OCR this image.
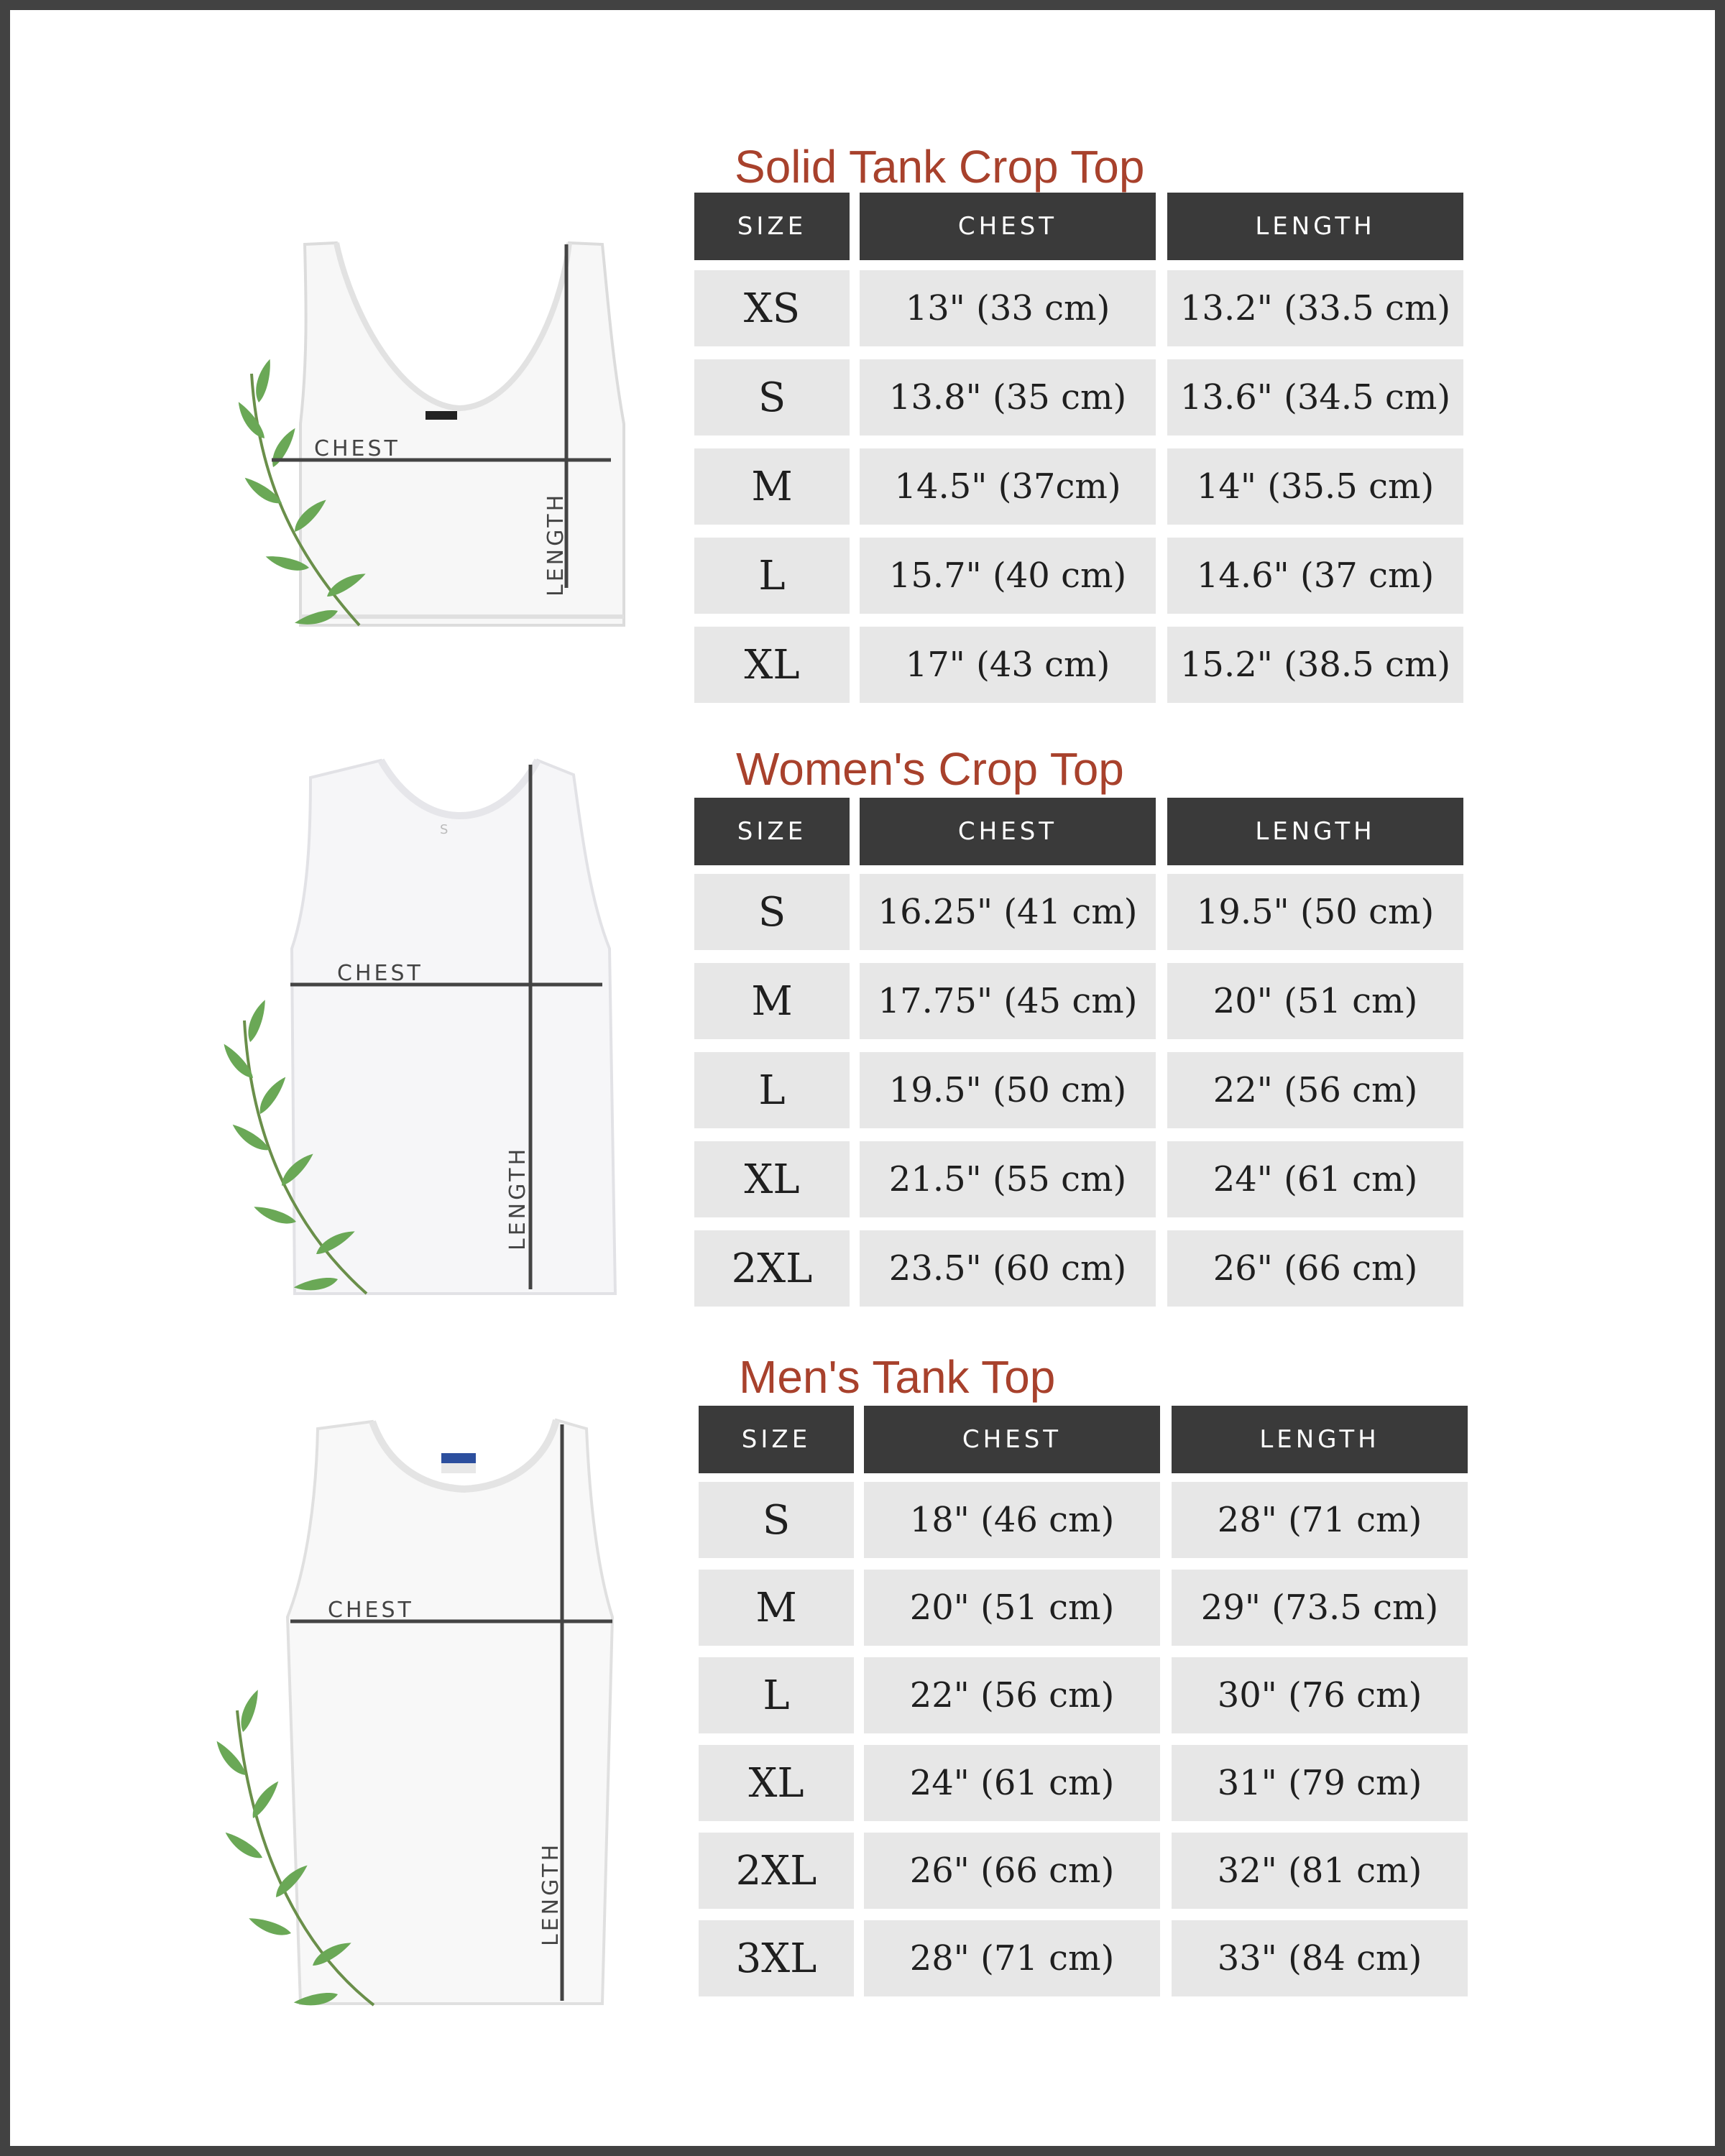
CHEST
LENGTH
S
CHEST
LENGTH
CHEST
LENGTH
Solid Tank Crop Top
SIZE	CHEST	LENGTH
XS	13" (33 cm)	13.2" (33.5 cm)
S	13.8" (35 cm)	13.6" (34.5 cm)
M	14.5" (37cm)	14" (35.5 cm)
L	15.7" (40 cm)	14.6" (37 cm)
XL	17" (43 cm)	15.2" (38.5 cm)
Women's Crop Top
SIZE	CHEST	LENGTH
S	16.25" (41 cm)	19.5" (50 cm)
M	17.75" (45 cm)	20" (51 cm)
L	19.5" (50 cm)	22" (56 cm)
XL	21.5" (55 cm)	24" (61 cm)
2XL	23.5" (60 cm)	26" (66 cm)
Men's Tank Top
SIZE	CHEST	LENGTH
S	18" (46 cm)	28" (71 cm)
M	20" (51 cm)	29" (73.5 cm)
L	22" (56 cm)	30" (76 cm)
XL	24" (61 cm)	31" (79 cm)
2XL	26" (66 cm)	32" (81 cm)
3XL	28" (71 cm)	33" (84 cm)
